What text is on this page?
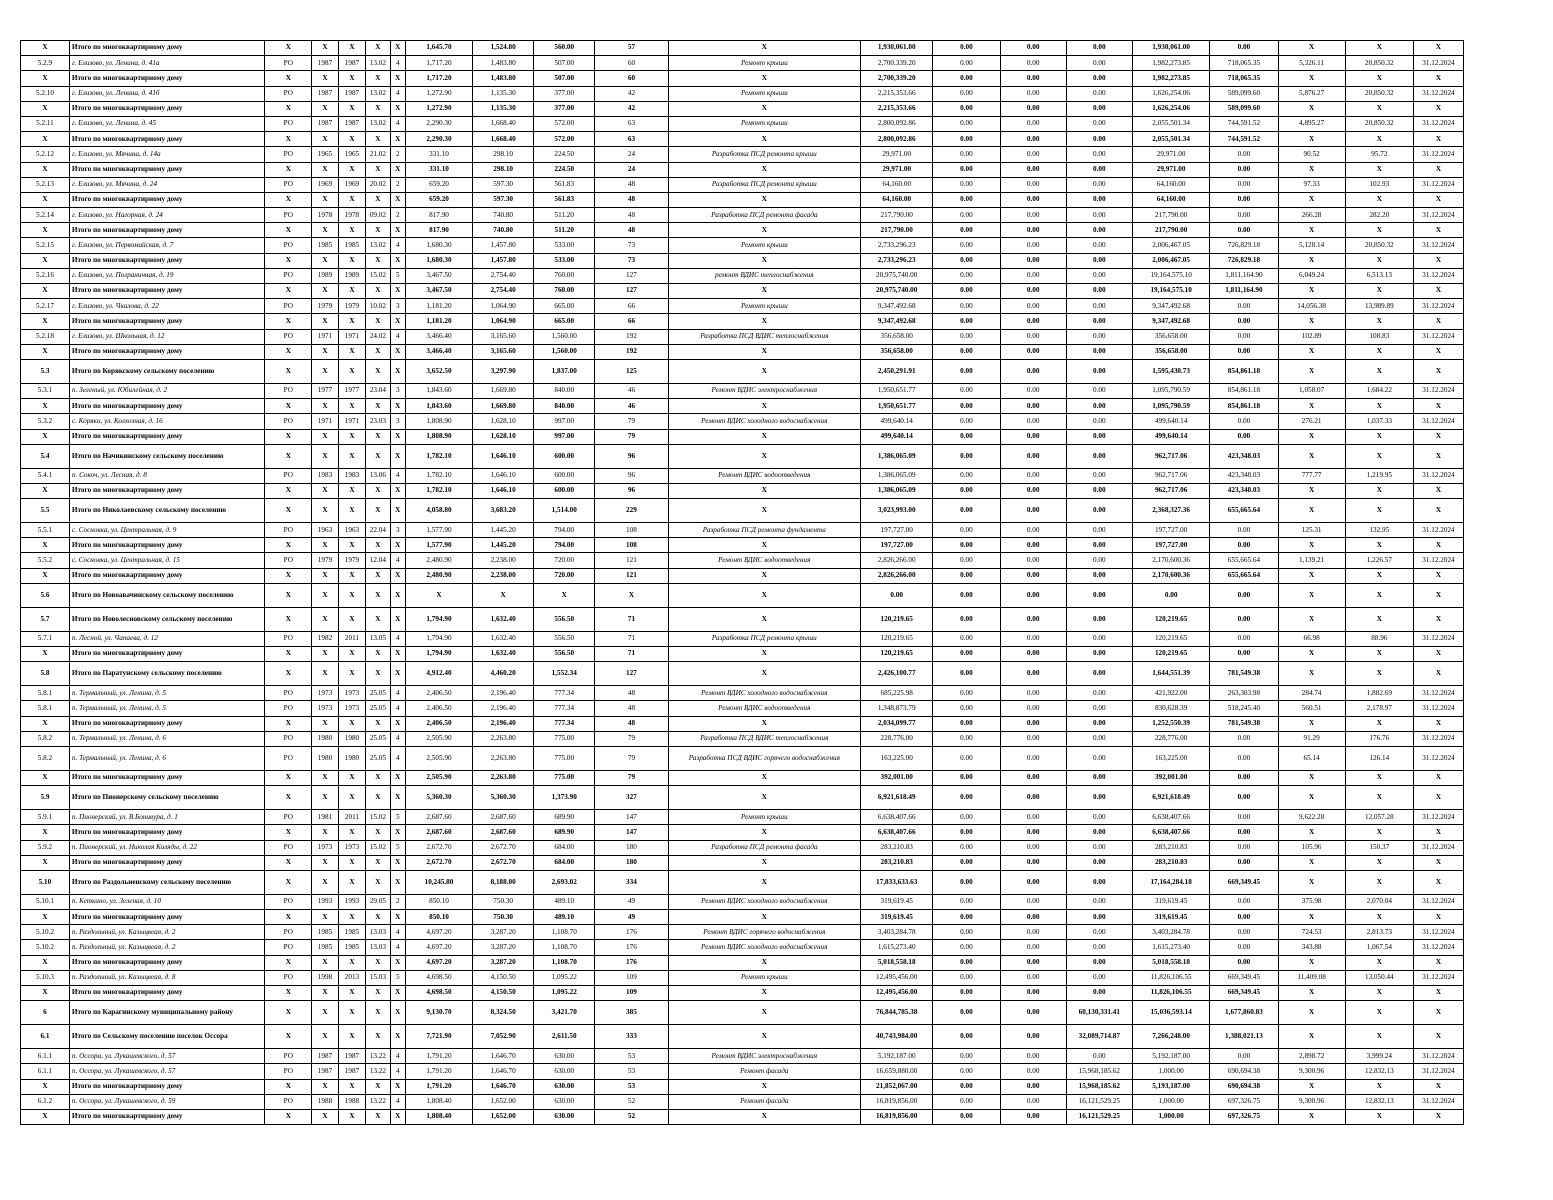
X	Итого по многоквартирному дому	X	X	X	X	X	1,645.70	1,524.80	560.00	57	X	1,930,061.00	0.00	0.00	0.00	1,930,061.00	0.00	X	X	X
5.2.9	г. Елизово, ул. Ленина, д. 41а	РО	1987	1987	13.02	4	1,717.20	1,483.80	507.00	60	Ремонт крыши	2,700,339.20	0.00	0.00	0.00	1,982,273.85	718,065.35	5,326.11	20,850.32	31.12.2024
X	Итого по многоквартирному дому	X	X	X	X	X	1,717.20	1,483.80	507.00	60	X	2,700,339.20	0.00	0.00	0.00	1,982,273.85	718,065.35	X	X	X
5.2.10	г. Елизово, ул. Ленина, д. 41б	РО	1987	1987	13.02	4	1,272.90	1,135.30	377.00	42	Ремонт крыши	2,215,353.66	0.00	0.00	0.00	1,626,254.06	589,099.60	5,876.27	20,850.32	31.12.2024
X	Итого по многоквартирному дому	X	X	X	X	X	1,272.90	1,135.30	377.00	42	X	2,215,353.66	0.00	0.00	0.00	1,626,254.06	589,099.60	X	X	X
5.2.11	г. Елизово, ул. Ленина, д. 45	РО	1987	1987	13.02	4	2,290.30	1,668.40	572.00	63	Ремонт крыши	2,800,092.86	0.00	0.00	0.00	2,055,501.34	744,591.52	4,895.27	20,850.32	31.12.2024
X	Итого по многоквартирному дому	X	X	X	X	X	2,290.30	1,668.40	572.00	63	X	2,800,092.86	0.00	0.00	0.00	2,055,501.34	744,591.52	X	X	X
5.2.12	г. Елизово, ул. Мячина, д. 14а	РО	1965	1965	21.02	2	331.10	298.10	224.50	24	Разработка ПСД ремонта крыши	29,971.00	0.00	0.00	0.00	29,971.00	0.00	90.52	95.72	31.12.2024
X	Итого по многоквартирному дому	X	X	X	X	X	331.10	298.10	224.50	24	X	29,971.00	0.00	0.00	0.00	29,971.00	0.00	X	X	X
5.2.13	г. Елизово, ул. Мячина, д. 24	РО	1969	1969	20.02	2	659.20	597.30	561.83	48	Разработка ПСД ремонта крыши	64,160.00	0.00	0.00	0.00	64,160.00	0.00	97.33	102.93	31.12.2024
X	Итого по многоквартирному дому	X	X	X	X	X	659.20	597.30	561.83	48	X	64,160.00	0.00	0.00	0.00	64,160.00	0.00	X	X	X
5.2.14	г. Елизово, ул. Нагорная, д. 24	РО	1978	1978	09.02	2	817.90	740.80	511.20	48	Разработка ПСД ремонта фасада	217,790.00	0.00	0.00	0.00	217,790.00	0.00	266.28	282.20	31.12.2024
X	Итого по многоквартирному дому	X	X	X	X	X	817.90	740.80	511.20	48	X	217,790.00	0.00	0.00	0.00	217,790.00	0.00	X	X	X
5.2.15	г. Елизово, ул. Первомайская, д. 7	РО	1985	1985	13.02	4	1,680.30	1,457.80	533.00	73	Ремонт крыши	2,733,296.23	0.00	0.00	0.00	2,006,467.05	726,829.18	5,128.14	20,850.32	31.12.2024
X	Итого по многоквартирному дому	X	X	X	X	X	1,680.30	1,457.80	533.00	73	X	2,733,296.23	0.00	0.00	0.00	2,006,467.05	726,829.18	X	X	X
5.2.16	г. Елизово, ул. Пограничная, д. 19	РО	1989	1989	15.02	5	3,467.50	2,754.40	760.00	127	ремонт ВДИС теплоснабжения	20,975,740.00	0.00	0.00	0.00	19,164,575.10	1,811,164.90	6,049.24	6,513.13	31.12.2024
X	Итого по многоквартирному дому	X	X	X	X	X	3,467.50	2,754.40	760.00	127	X	20,975,740.00	0.00	0.00	0.00	19,164,575.10	1,811,164.90	X	X	X
5.2.17	г. Елизово, ул. Чкалова, д. 22	РО	1979	1979	10.02	3	1,181.20	1,064.90	665.00	66	Ремонт крыши	9,347,492.68	0.00	0.00	0.00	9,347,492.68	0.00	14,056.38	13,989.89	31.12.2024
X	Итого по многоквартирному дому	X	X	X	X	X	1,181.20	1,064.90	665.00	66	X	9,347,492.68	0.00	0.00	0.00	9,347,492.68	0.00	X	X	X
5.2.18	г. Елизово, ул. Школьная, д. 12	РО	1971	1971	24.02	4	3,466.40	3,165.60	1,560.00	192	Разработка ПСД ВДИС теплоснабжения	356,658.00	0.00	0.00	0.00	356,658.00	0.00	102.89	108.83	31.12.2024
X	Итого по многоквартирному дому	X	X	X	X	X	3,466.40	3,165.60	1,560.00	192	X	356,658.00	0.00	0.00	0.00	356,658.00	0.00	X	X	X
5.3	Итого по Корякскому сельскому поселению	X	X	X	X	X	3,652.50	3,297.90	1,837.00	125	X	2,450,291.91	0.00	0.00	0.00	1,595,430.73	854,861.18	X	X	X
5.3.1	п. Зеленый, ул. Юбилейная, д. 2	РО	1977	1977	23.04	3	1,843.60	1,669.80	840.00	46	Ремонт ВДИС электроснабжения	1,950,651.77	0.00	0.00	0.00	1,095,790.59	854,861.18	1,058.07	1,684.22	31.12.2024
X	Итого по многоквартирному дому	X	X	X	X	X	1,843.60	1,669.80	840.00	46	X	1,950,651.77	0.00	0.00	0.00	1,095,790.59	854,861.18	X	X	X
5.3.2	с. Коряки, ул. Колхозная, д. 16	РО	1971	1971	23.03	3	1,808.90	1,628.10	997.00	79	Ремонт ВДИС холодного водоснабжения	499,640.14	0.00	0.00	0.00	499,640.14	0.00	276.21	1,037.33	31.12.2024
X	Итого по многоквартирному дому	X	X	X	X	X	1,808.90	1,628.10	997.00	79	X	499,640.14	0.00	0.00	0.00	499,640.14	0.00	X	X	X
5.4	Итого по Начикинскому сельскому поселению	X	X	X	X	X	1,782.10	1,646.10	600.00	96	X	1,386,065.09	0.00	0.00	0.00	962,717.06	423,348.03	X	X	X
5.4.1	п. Сокоч, ул. Лесная, д. 8	РО	1983	1983	13.06	4	1,782.10	1,646.10	600.00	96	Ремонт ВДИС водоотведения	1,386,065.09	0.00	0.00	0.00	962,717.06	423,348.03	777.77	1,219.95	31.12.2024
X	Итого по многоквартирному дому	X	X	X	X	X	1,782.10	1,646.10	600.00	96	X	1,386,065.09	0.00	0.00	0.00	962,717.06	423,348.03	X	X	X
5.5	Итого по Николаевскому сельскому поселению	X	X	X	X	X	4,058.80	3,683.20	1,514.00	229	X	3,023,993.00	0.00	0.00	0.00	2,368,327.36	655,665.64	X	X	X
5.5.1	с. Сосновка, ул. Центральная, д. 9	РО	1963	1963	22.04	3	1,577.90	1,445.20	794.00	108	Разработка ПСД ремонта фундамента	197,727.00	0.00	0.00	0.00	197,727.00	0.00	125.31	132.95	31.12.2024
X	Итого по многоквартирному дому	X	X	X	X	X	1,577.90	1,445.20	794.00	108	X	197,727.00	0.00	0.00	0.00	197,727.00	0.00	X	X	X
5.5.2	с. Сосновка, ул. Центральная, д. 15	РО	1979	1979	12.04	4	2,480.90	2,238.00	720.00	121	Ремонт ВДИС водоотведения	2,826,266.00	0.00	0.00	0.00	2,170,600.36	655,665.64	1,139.21	1,226.57	31.12.2024
X	Итого по многоквартирному дому	X	X	X	X	X	2,480.90	2,238.00	720.00	121	X	2,826,266.00	0.00	0.00	0.00	2,170,600.36	655,665.64	X	X	X
5.6	Итого по Новоавачинскому сельскому поселению	X	X	X	X	X	X	X	X	X	X	0.00	0.00	0.00	0.00	0.00	0.00	X	X	X
5.7	Итого по Новолесновскому сельскому поселению	X	X	X	X	X	1,794.90	1,632.40	556.50	71	X	120,219.65	0.00	0.00	0.00	120,219.65	0.00	X	X	X
5.7.1	п. Лесной, ул. Чапаева, д. 12	РО	1982	2011	13.05	4	1,794.90	1,632.40	556.50	71	Разработка ПСД ремонта крыши	120,219.65	0.00	0.00	0.00	120,219.65	0.00	66.98	88.96	31.12.2024
X	Итого по многоквартирному дому	X	X	X	X	X	1,794.90	1,632.40	556.50	71	X	120,219.65	0.00	0.00	0.00	120,219.65	0.00	X	X	X
5.8	Итого по Паратунскому сельскому поселению	X	X	X	X	X	4,912.40	4,460.20	1,552.34	127	X	2,426,100.77	0.00	0.00	0.00	1,644,551.39	781,549.38	X	X	X
5.8.1	п. Термальный, ул. Ленина, д. 5	РО	1973	1973	25.05	4	2,406.50	2,196.40	777.34	48	Ремонт ВДИС холодного водоснабжения	685,225.98	0.00	0.00	0.00	421,922.00	263,303.98	284.74	1,882.69	31.12.2024
5.8.1	п. Термальный, ул. Ленина, д. 5	РО	1973	1973	25.05	4	2,406.50	2,196.40	777.34	48	Ремонт ВДИС водоотведения	1,348,873.79	0.00	0.00	0.00	830,628.39	518,245.40	560.51	2,178.97	31.12.2024
X	Итого по многоквартирному дому	X	X	X	X	X	2,406.50	2,196.40	777.34	48	X	2,034,099.77	0.00	0.00	0.00	1,252,550.39	781,549.38	X	X	X
5.8.2	п. Термальный, ул. Ленина, д. 6	РО	1980	1980	25.05	4	2,505.90	2,263.80	775.00	79	Разработка ПСД ВДИС теплоснабжения	228,776.00	0.00	0.00	0.00	228,776.00	0.00	91.29	176.76	31.12.2024
5.8.2	п. Термальный, ул. Ленина, д. 6	РО	1980	1980	25.05	4	2,505.90	2,263.80	775.00	79	Разработка ПСД ВДИС горячего водоснабжения	163,225.00	0.00	0.00	0.00	163,225.00	0.00	65.14	126.14	31.12.2024
X	Итого по многоквартирному дому	X	X	X	X	X	2,505.90	2,263.80	775.00	79	X	392,001.00	0.00	0.00	0.00	392,001.00	0.00	X	X	X
5.9	Итого по Пионерскому сельскому поселению	X	X	X	X	X	5,360.30	5,360.30	1,373.90	327	X	6,921,618.49	0.00	0.00	0.00	6,921,618.49	0.00	X	X	X
5.9.1	п. Пионерский, ул. В.Бонивура, д. 1	РО	1981	2011	15.02	5	2,687.60	2,687.60	689.90	147	Ремонт крыши	6,638,407.66	0.00	0.00	0.00	6,638,407.66	0.00	9,622.28	12,057.28	31.12.2024
X	Итого по многоквартирному дому	X	X	X	X	X	2,687.60	2,687.60	689.90	147	X	6,638,407.66	0.00	0.00	0.00	6,638,407.66	0.00	X	X	X
5.9.2	п. Пионерский, ул. Николая Коляды, д. 22	РО	1973	1973	15.02	5	2,672.70	2,672.70	684.00	180	Разработка ПСД ремонта фасада	283,210.83	0.00	0.00	0.00	283,210.83	0.00	105.96	150.37	31.12.2024
X	Итого по многоквартирному дому	X	X	X	X	X	2,672.70	2,672.70	684.00	180	X	283,210.83	0.00	0.00	0.00	283,210.83	0.00	X	X	X
5.10	Итого по Раздольненскому сельскому поселению	X	X	X	X	X	10,245.80	8,188.00	2,693.02	334	X	17,833,633.63	0.00	0.00	0.00	17,164,284.18	669,349.45	X	X	X
5.10.1	п. Кеткино, ул. Зеленая, д. 10	РО	1993	1993	29.05	2	850.10	750.30	489.10	49	Ремонт ВДИС холодного водоснабжения	319,619.45	0.00	0.00	0.00	319,619.45	0.00	375.98	2,070.04	31.12.2024
X	Итого по многоквартирному дому	X	X	X	X	X	850.10	750.30	489.10	49	X	319,619.45	0.00	0.00	0.00	319,619.45	0.00	X	X	X
5.10.2	п. Раздольный, ул. Казыцвеая, д. 2	РО	1985	1985	13.03	4	4,697.20	3,287.20	1,108.70	176	Ремонт ВДИС горячего водоснабжения	3,403,284.78	0.00	0.00	0.00	3,403,284.78	0.00	724.53	2,813.73	31.12.2024
5.10.2	п. Раздольный, ул. Казыцвеая, д. 2	РО	1985	1985	13.03	4	4,697.20	3,287.20	1,108.70	176	Ремонт ВДИС холодного водоснабжения	1,615,273.40	0.00	0.00	0.00	1,615,273.40	0.00	343.88	1,067.54	31.12.2024
X	Итого по многоквартирному дому	X	X	X	X	X	4,697.20	3,287.20	1,108.70	176	X	5,018,558.18	0.00	0.00	0.00	5,018,558.18	0.00	X	X	X
5.10.3	п. Раздольный, ул. Казыцвеая, д. 8	РО	1998	2013	15.03	5	4,698.50	4,150.50	1,095.22	109	Ремонт крыши	12,495,456.00	0.00	0.00	0.00	11,826,106.55	669,349.45	11,409.08	13,050.44	31.12.2024
X	Итого по многоквартирному дому	X	X	X	X	X	4,698.50	4,150.50	1,095.22	109	X	12,495,456.00	0.00	0.00	0.00	11,826,106.55	669,349.45	X	X	X
6	Итого по Карагинскому муниципальному району	X	X	X	X	X	9,130.70	8,324.50	3,421.70	385	X	76,844,785.38	0.00	0.00	60,130,331.41	15,036,593.14	1,677,860.83	X	X	X
6.1	Итого по Сельскому поселению поселок Оссора	X	X	X	X	X	7,721.90	7,052.90	2,611.50	333	X	40,743,984.00	0.00	0.00	32,089,714.87	7,266,248.00	1,388,021.13	X	X	X
6.1.1	п. Оссора, ул. Лукашевского, д. 57	РО	1987	1987	13.22	4	1,791.20	1,646.70	630.00	53	Ремонт ВДИС электроснабжения	5,192,187.00	0.00	0.00	0.00	5,192,187.00	0.00	2,898.72	3,999.24	31.12.2024
6.1.1	п. Оссора, ул. Лукашевского, д. 57	РО	1987	1987	13.22	4	1,791.20	1,646.70	630.00	53	Ремонт фасада	16,659,880.00	0.00	0.00	15,968,185.62	1,000.00	690,694.38	9,300.96	12,832.13	31.12.2024
X	Итого по многоквартирному дому	X	X	X	X	X	1,791.20	1,646.70	630.00	53	X	21,852,067.00	0.00	0.00	15,968,185.62	5,193,187.00	690,694.38	X	X	X
6.1.2	п. Оссора, ул. Лукашевского, д. 59	РО	1988	1988	13.22	4	1,808.40	1,652.00	630.00	52	Ремонт фасада	16,819,856.00	0.00	0.00	16,121,529.25	1,000.00	697,326.75	9,300.96	12,832.13	31.12.2024
X	Итого по многоквартирному дому	X	X	X	X	X	1,808.40	1,652.00	630.00	52	X	16,819,856.00	0.00	0.00	16,121,529.25	1,000.00	697,326.75	X	X	X
